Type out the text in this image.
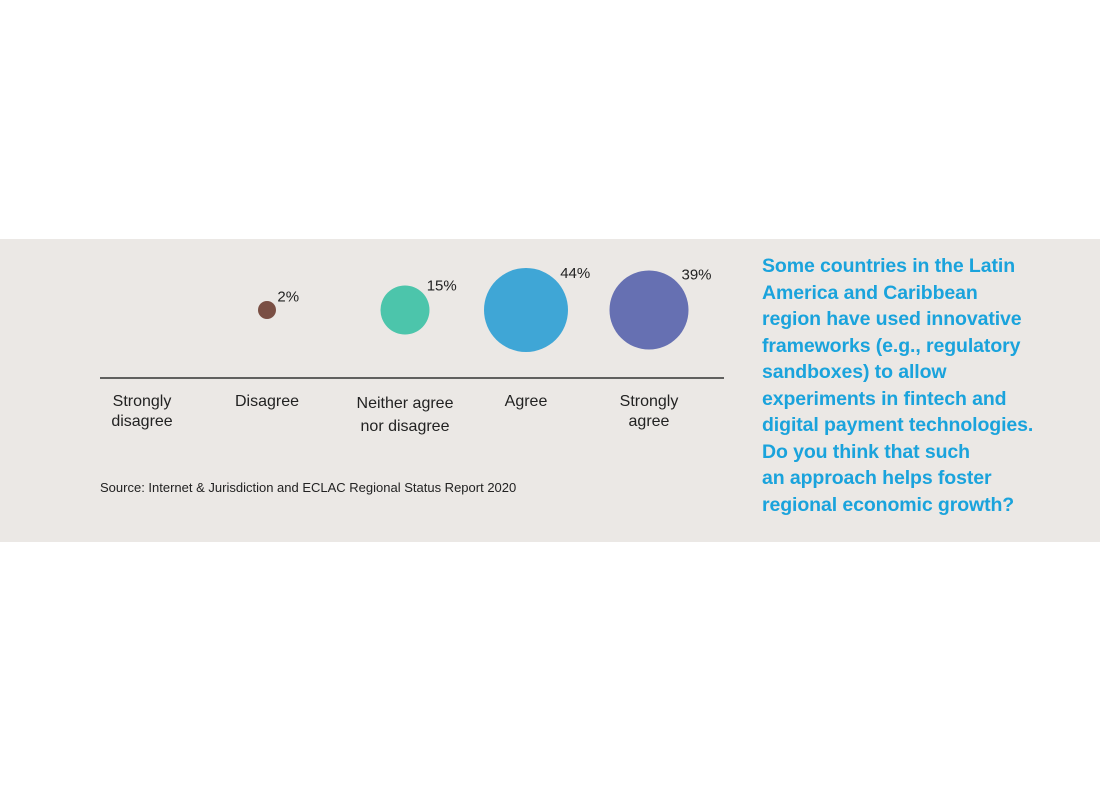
2%
15%
44%	39%
Strongly
disagree
Disagree	Neither agree
nor disagree
Agree	Strongly
agree
Source: Internet & Jurisdiction and ECLAC Regional Status Report 2020
Some countries in the Latin
America and Caribbean
region have used innovative
frameworks (e.g., regulatory
sandboxes) to allow
experiments in fintech and
digital payment technologies.
Do you think that such
an approach helps foster
regional economic growth?
